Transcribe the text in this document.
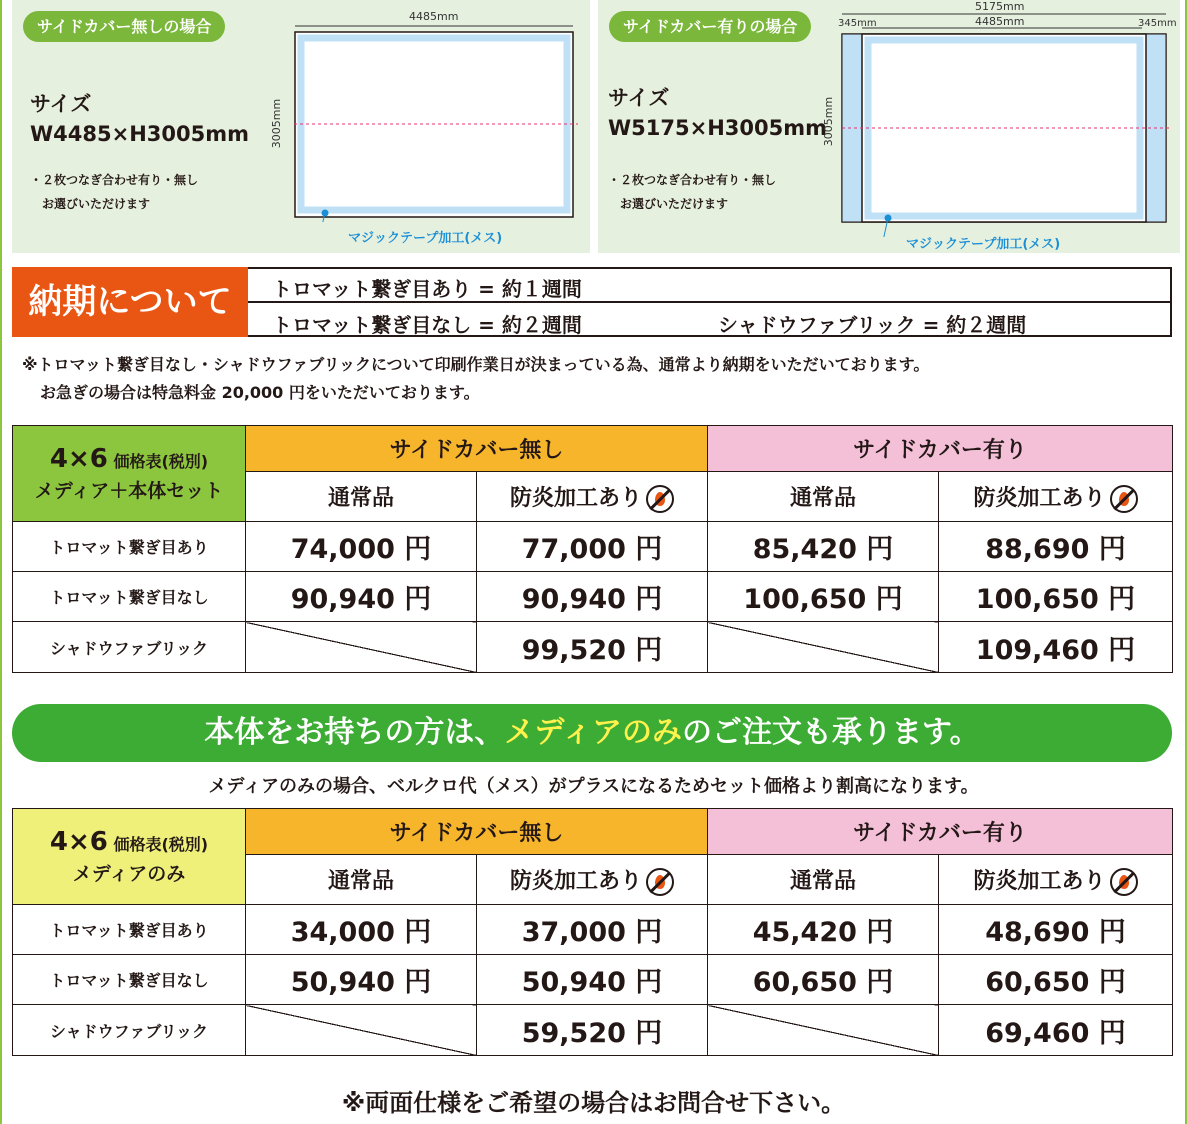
サイドカバー無しの場合
サイズ
W4485×H3005mm
・２枚つなぎ合わせ有り・無し
お選びいただけます
4485mm
3005mm
マジックテープ加工(メス)
サイドカバー有りの場合
サイズ
W5175×H3005mm
・２枚つなぎ合わせ有り・無し
お選びいただけます
5175mm
4485mm
345mm	345mm
3005mm
マジックテープ加工(メス)
納期について	トロマット繋ぎ目あり = 約１週間
トロマット繋ぎ目なし = 約２週間	シャドウファブリック = 約２週間
※トロマット繋ぎ目なし・シャドウファブリックについて印刷作業日が決まっている為、通常より納期をいただいております。
お急ぎの場合は特急料金 20,000 円をいただいております。
4×6 価格表(税別)
メディア＋本体セット	サイドカバー無し		サイドカバー有り	
	通常品	防炎加工あり	通常品	防炎加工あり

トロマット繋ぎ目あり	74,000 円	77,000 円	85,420 円	88,690 円
トロマット繋ぎ目なし	90,940 円	90,940 円	100,650 円	100,650 円
シャドウファブリック		99,520 円		109,460 円
本体をお持ちの方は、メディアのみのご注文も承ります。
メディアのみの場合、ベルクロ代（メス）がプラスになるためセット価格より割高になります。
4×6 価格表(税別)
メディアのみ	サイドカバー無し		サイドカバー有り	
	通常品	防炎加工あり	通常品	防炎加工あり

トロマット繋ぎ目あり	34,000 円	37,000 円	45,420 円	48,690 円
トロマット繋ぎ目なし	50,940 円	50,940 円	60,650 円	60,650 円
シャドウファブリック		59,520 円		69,460 円
※両面仕様をご希望の場合はお問合せ下さい。
